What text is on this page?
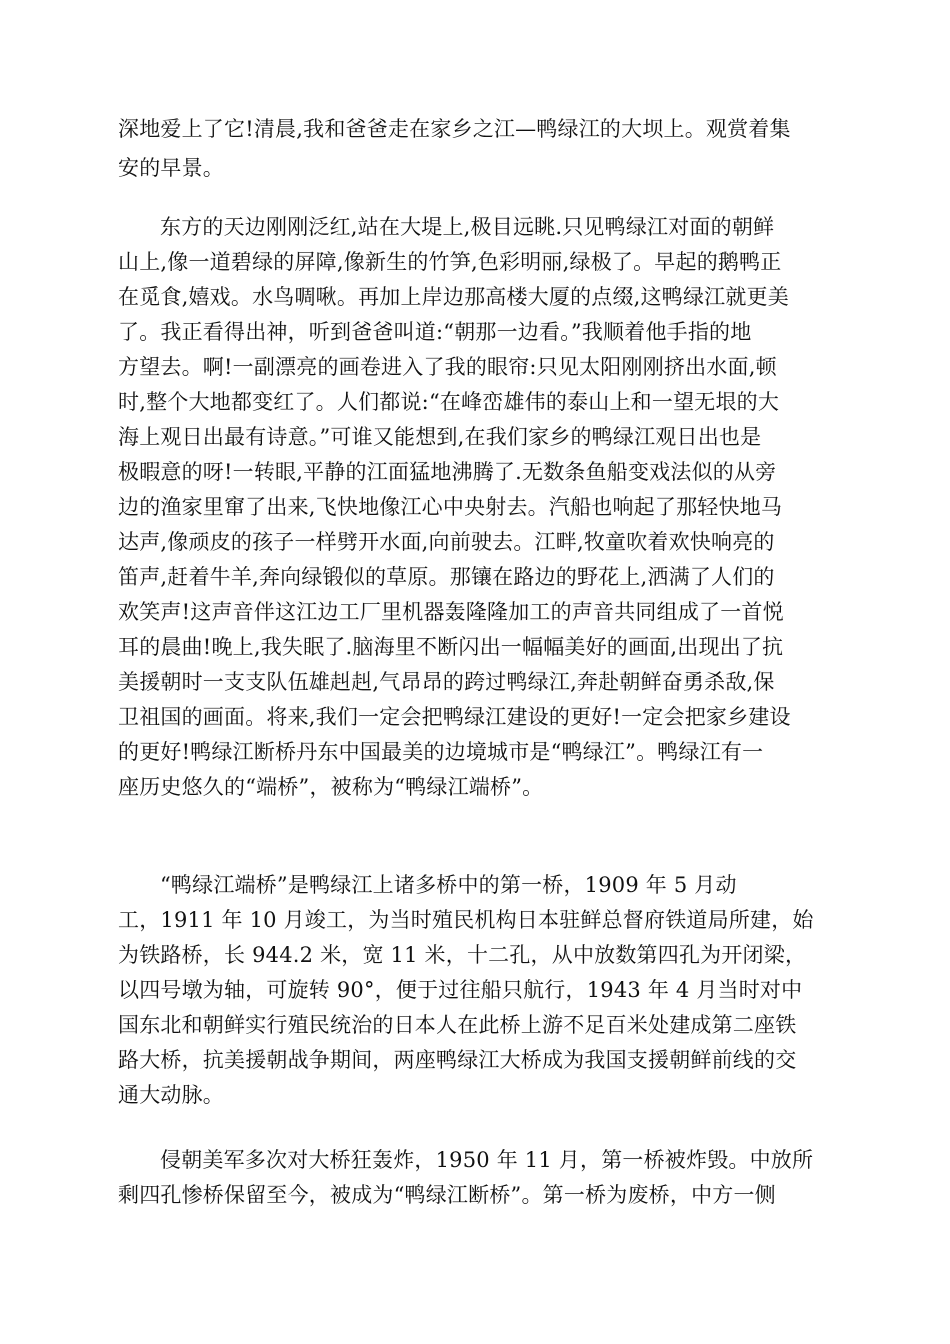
深地爱上了它!清晨,我和爸爸走在家乡之江—鸭绿江的大坝上。观赏着集
安的早景。
东方的天边刚刚泛红,站在大堤上,极目远眺.只见鸭绿江对面的朝鲜
山上,像一道碧绿的屏障,像新生的竹笋,色彩明丽,绿极了。早起的鹅鸭正
在觅食,嬉戏。水鸟啁啾。再加上岸边那高楼大厦的点缀,这鸭绿江就更美
了。我正看得出神，听到爸爸叫道:“朝那一边看。”我顺着他手指的地
方望去。啊!一副漂亮的画卷进入了我的眼帘:只见太阳刚刚挤出水面,顿
时,整个大地都变红了。人们都说:“在峰峦雄伟的泰山上和一望无垠的大
海上观日出最有诗意。”可谁又能想到,在我们家乡的鸭绿江观日出也是
极暇意的呀!一转眼,平静的江面猛地沸腾了.无数条鱼船变戏法似的从旁
边的渔家里窜了出来,飞快地像江心中央射去。汽船也响起了那轻快地马
达声,像顽皮的孩子一样劈开水面,向前驶去。江畔,牧童吹着欢快响亮的
笛声,赶着牛羊,奔向绿锻似的草原。那镶在路边的野花上,洒满了人们的
欢笑声!这声音伴这江边工厂里机器轰隆隆加工的声音共同组成了一首悦
耳的晨曲!晚上,我失眠了.脑海里不断闪出一幅幅美好的画面,出现出了抗
美援朝时一支支队伍雄赳赳,气昂昂的跨过鸭绿江,奔赴朝鲜奋勇杀敌,保
卫祖国的画面。将来,我们一定会把鸭绿江建设的更好!一定会把家乡建设
的更好!鸭绿江断桥丹东中国最美的边境城市是“鸭绿江”。鸭绿江有一
座历史悠久的“端桥”，被称为“鸭绿江端桥”。
“鸭绿江端桥”是鸭绿江上诸多桥中的第一桥，1909 年 5 月动
工，1911 年 10 月竣工，为当时殖民机构日本驻鲜总督府铁道局所建，始
为铁路桥，长 944.2 米，宽 11 米，十二孔，从中放数第四孔为开闭梁，
以四号墩为轴，可旋转 90°，便于过往船只航行，1943 年 4 月当时对中
国东北和朝鲜实行殖民统治的日本人在此桥上游不足百米处建成第二座铁
路大桥，抗美援朝战争期间，两座鸭绿江大桥成为我国支援朝鲜前线的交
通大动脉。
侵朝美军多次对大桥狂轰炸，1950 年 11 月，第一桥被炸毁。中放所
剩四孔惨桥保留至今，被成为“鸭绿江断桥”。第一桥为废桥，中方一侧
